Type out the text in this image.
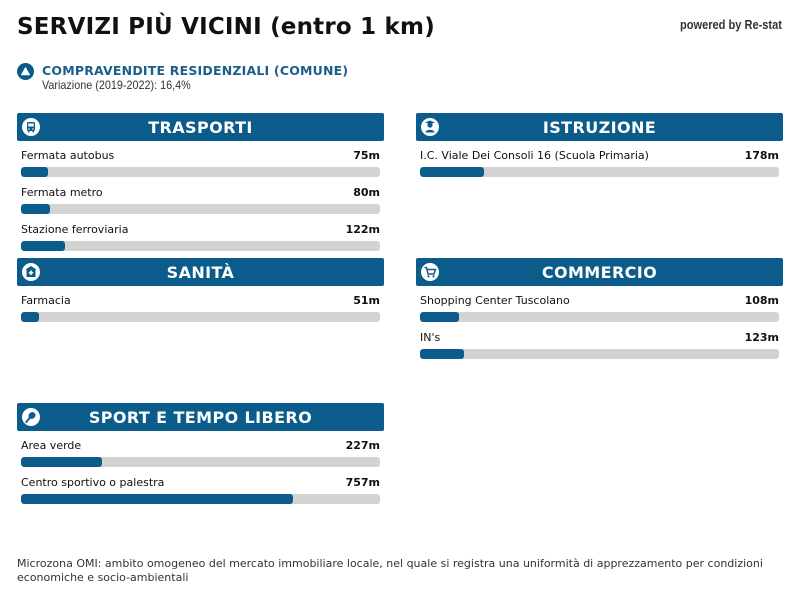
SERVIZI PIÙ VICINI (entro 1 km)	powered by Re-stat
COMPRAVENDITE RESIDENZIALI (COMUNE)
Variazione (2019-2022): 16,4%
TRASPORTI
Fermata autobus	75m
Fermata metro	80m
Stazione ferroviaria	122m
ISTRUZIONE
I.C. Viale Dei Consoli 16 (Scuola Primaria)	178m
SANITÀ
Farmacia	51m
COMMERCIO
Shopping Center Tuscolano	108m
IN's	123m
SPORT E TEMPO LIBERO
Area verde	227m
Centro sportivo o palestra	757m
Microzona OMI: ambito omogeneo del mercato immobiliare locale, nel quale si registra una uniformità di apprezzamento per condizioni economiche e socio-ambientali
